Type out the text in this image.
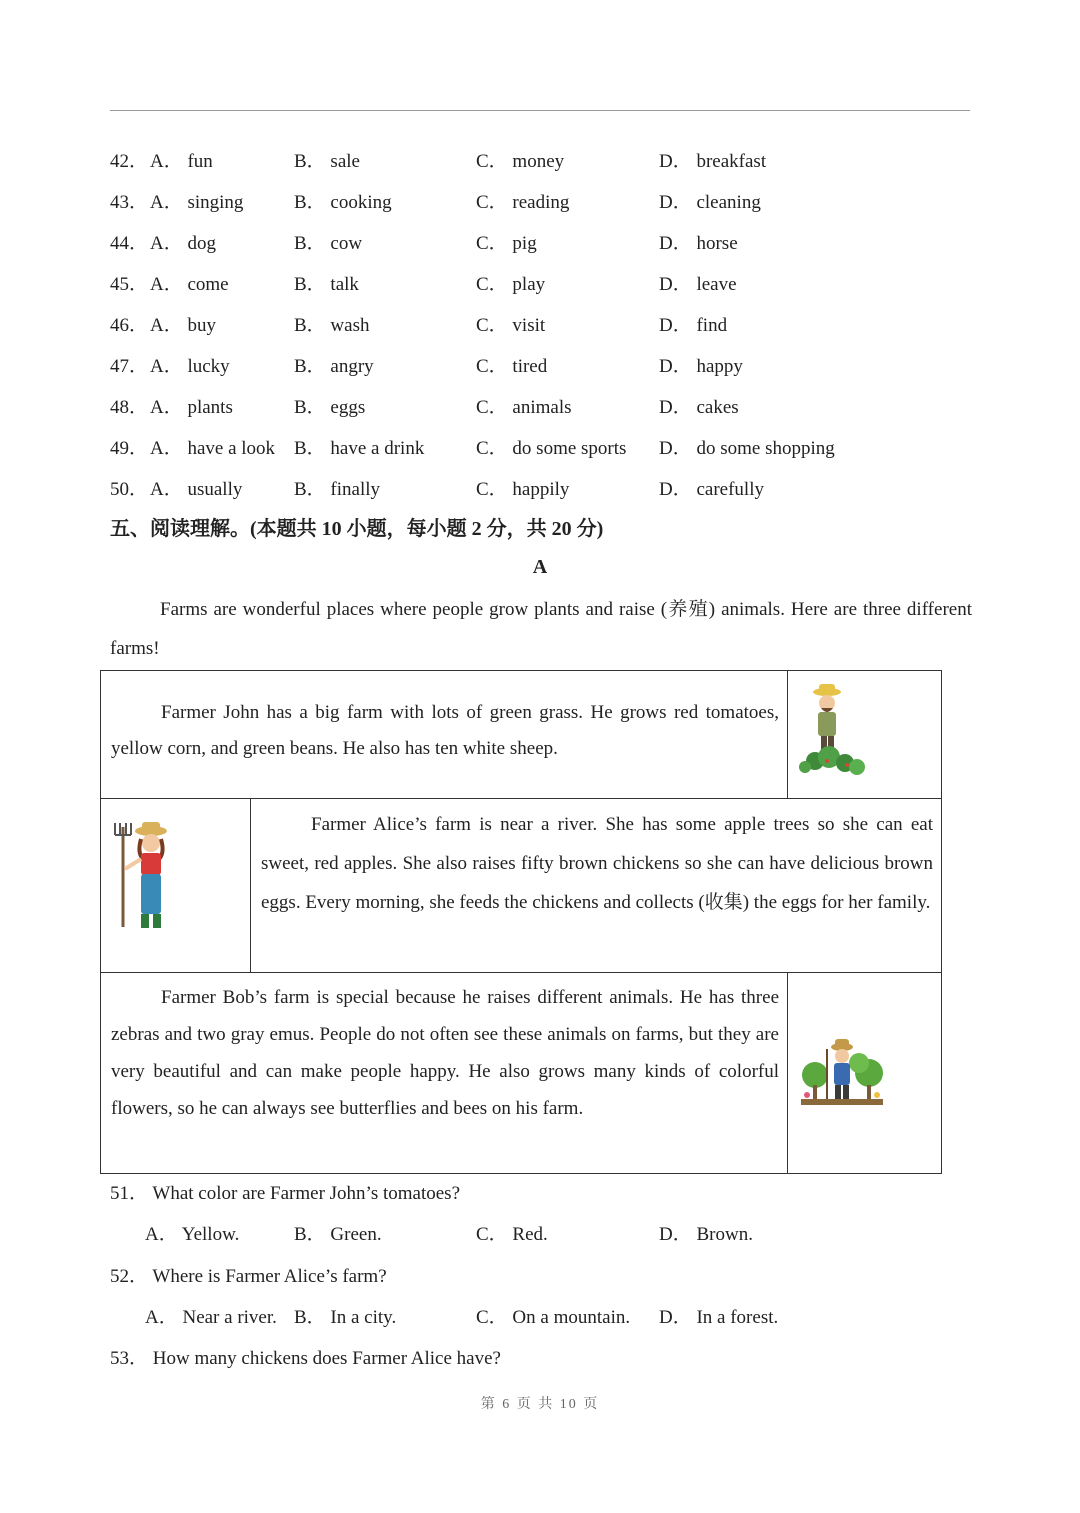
42． A． fun	B． sale	C． money	D． breakfast
43． A． singing	B． cooking	C． reading	D． cleaning
44． A． dog	B． cow	C． pig	D． horse
45． A． come	B． talk	C． play	D． leave
46． A． buy	B． wash	C． visit	D． find
47． A． lucky	B． angry	C． tired	D． happy
48． A． plants	B． eggs	C． animals	D． cakes
49． A． have a look B． have a drink	C． do some sports D． do some shopping
50． A． usually	B． finally	C． happily	D． carefully
五、阅读理解。(本题共 10 小题，每小题 2 分，共 20 分)
A

Farms are wonderful places where people grow plants and raise (养殖) animals. Here are three different farms!

Farmer John has a big farm with lots of green grass. He grows red tomatoes, yellow corn, and green beans. He also has ten white sheep.

Farmer Alice’s farm is near a river. She has some apple trees so she can eat sweet, red apples. She also raises fifty brown chickens so she can have delicious brown eggs. Every morning, she feeds the chickens and collects (收集) the eggs for her family.

Farmer Bob’s farm is special because he raises different animals. He has three zebras and two gray emus. People do not often see these animals on farms, but they are very beautiful and can make people happy. He also grows many kinds of colorful flowers, so he can always see butterflies and bees on his farm.

51． What color are Farmer John’s tomatoes?
A． Yellow.	B． Green.	C． Red.	D． Brown.
52． Where is Farmer Alice’s farm?
A． Near a river. B． In a city.	C． On a mountain. D． In a forest.
53． How many chickens does Farmer Alice have?
第 6 页 共 10 页
